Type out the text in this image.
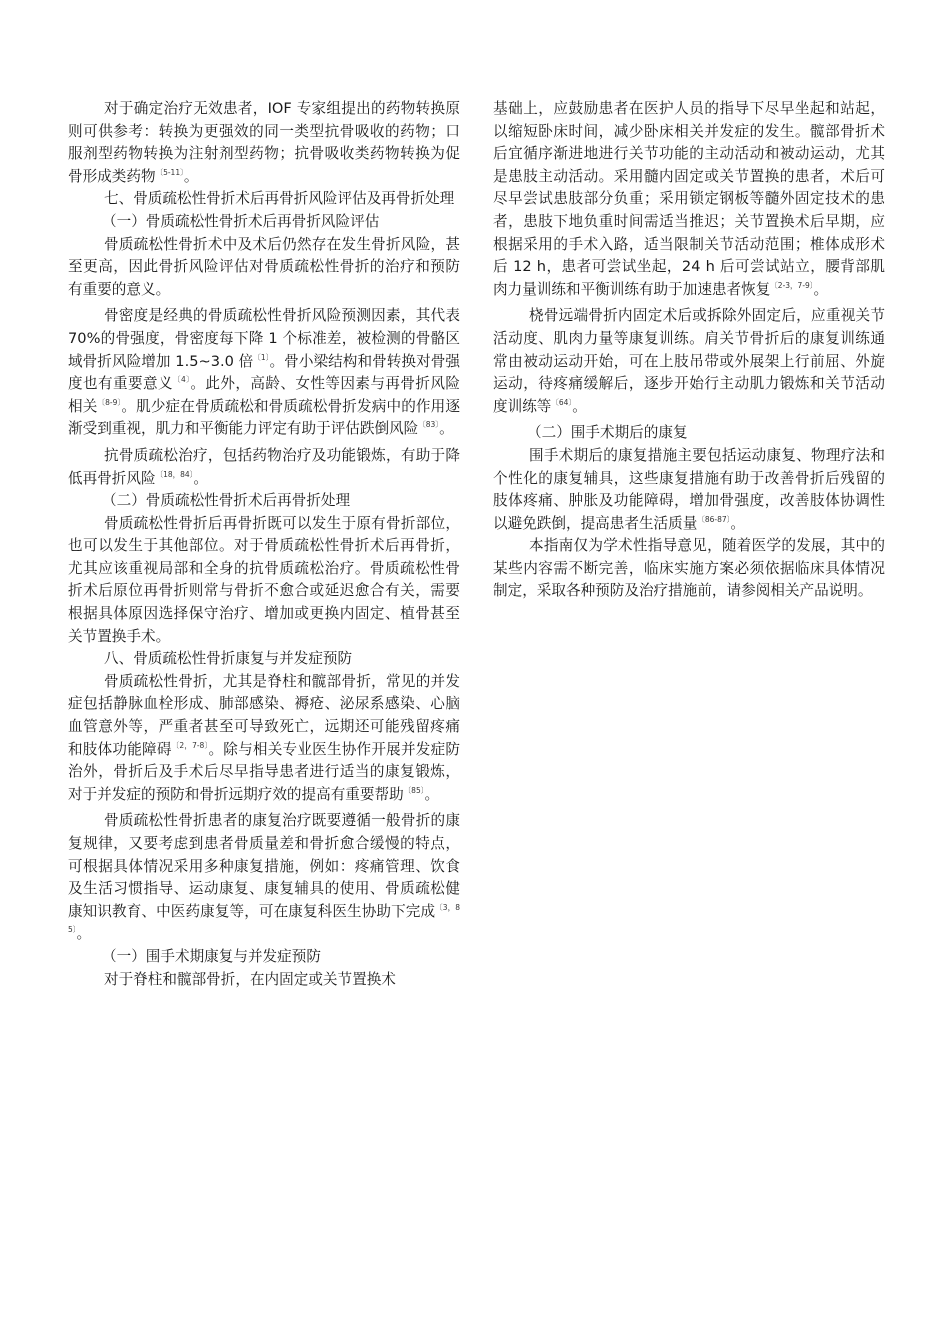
对于确定治疗无效患者，IOF 专家组提出的药物转换原则可供参考：转换为更强效的同一类型抗骨吸收的药物；口服剂型药物转换为注射剂型药物；抗骨吸收类药物转换为促骨形成类药物$^{〔5-11〕}$。

七、骨质疏松性骨折术后再骨折风险评估及再骨折处理
（一）骨质疏松性骨折术后再骨折风险评估

骨质疏松性骨折术中及术后仍然存在发生骨折风险，甚至更高，因此骨折风险评估对骨质疏松性骨折的治疗和预防有重要的意义。

骨密度是经典的骨质疏松性骨折风险预测因素，其代表 70%的骨强度，骨密度每下降 1 个标准差，被检测的骨骼区域骨折风险增加 1.5~3.0 倍$^{〔1〕}$。骨小梁结构和骨转换对骨强度也有重要意义$^{〔4〕}$。此外，高龄、女性等因素与再骨折风险相关$^{〔8-9〕}$。肌少症在骨质疏松和骨质疏松骨折发病中的作用逐渐受到重视，肌力和平衡能力评定有助于评估跌倒风险$^{〔83〕}$。

抗骨质疏松治疗，包括药物治疗及功能锻炼，有助于降低再骨折风险$^{〔18,84〕}$。

（二）骨质疏松性骨折术后再骨折处理

骨质疏松性骨折后再骨折既可以发生于原有骨折部位，也可以发生于其他部位。对于骨质疏松性骨折术后再骨折，尤其应该重视局部和全身的抗骨质疏松治疗。骨质疏松性骨折术后原位再骨折则常与骨折不愈合或延迟愈合有关，需要根据具体原因选择保守治疗、增加或更换内固定、植骨甚至关节置换手术。

八、骨质疏松性骨折康复与并发症预防

骨质疏松性骨折，尤其是脊柱和髋部骨折，常见的并发症包括静脉血栓形成、肺部感染、褥疮、泌尿系感染、心脑血管意外等，严重者甚至可导致死亡，远期还可能残留疼痛和肢体功能障碍$^{〔2,7-8〕}$。除与相关专业医生协作开展并发症防治外，骨折后及手术后尽早指导患者进行适当的康复锻炼，对于并发症的预防和骨折远期疗效的提高有重要帮助$^{〔85〕}$。

骨质疏松性骨折患者的康复治疗既要遵循一般骨折的康复规律，又要考虑到患者骨质量差和骨折愈合缓慢的特点，可根据具体情况采用多种康复措施，例如：疼痛管理、饮食及生活习惯指导、运动康复、康复辅具的使用、骨质疏松健康知识教育、中医药康复等，可在康复科医生协助下完成$^{〔3,85〕}$。

（一）围手术期康复与并发症预防

对于脊柱和髋部骨折，在内固定或关节置换术

基础上，应鼓励患者在医护人员的指导下尽早坐起和站起，以缩短卧床时间，减少卧床相关并发症的发生。髋部骨折术后宜循序渐进地进行关节功能的主动活动和被动运动，尤其是患肢主动活动。采用髓内固定或关节置换的患者，术后可尽早尝试患肢部分负重；采用锁定钢板等髓外固定技术的患者，患肢下地负重时间需适当推迟；关节置换术后早期，应根据采用的手术入路，适当限制关节活动范围；椎体成形术后 12 h，患者可尝试坐起，24 h 后可尝试站立，腰背部肌肉力量训练和平衡训练有助于加速患者恢复$^{〔2-3,7-9〕}$。

桡骨远端骨折内固定术后或拆除外固定后，应重视关节活动度、肌肉力量等康复训练。肩关节骨折后的康复训练通常由被动运动开始，可在上肢吊带或外展架上行前屈、外旋运动，待疼痛缓解后，逐步开始行主动肌力锻炼和关节活动度训练等$^{〔64〕}$。

（二）围手术期后的康复

围手术期后的康复措施主要包括运动康复、物理疗法和个性化的康复辅具，这些康复措施有助于改善骨折后残留的肢体疼痛、肿胀及功能障碍，增加骨强度，改善肢体协调性以避免跌倒，提高患者生活质量$^{〔86-87〕}$。

本指南仅为学术性指导意见，随着医学的发展，其中的某些内容需不断完善，临床实施方案必须依据临床具体情况制定，采取各种预防及治疗措施前，请参阅相关产品说明。
